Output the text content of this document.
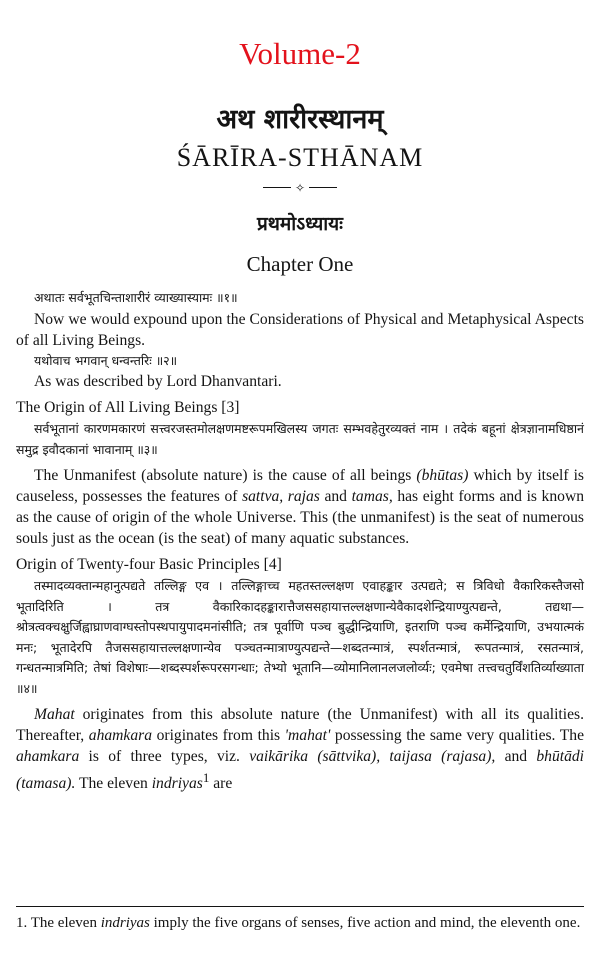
Volume-2
अथ शारीरस्थानम्
ŚĀRĪRA-STHĀNAM
✧
प्रथमोऽध्यायः
Chapter One

अथातः सर्वभूतचिन्ताशारीरं व्याख्यास्यामः ॥१॥

Now we would expound upon the Considerations of Physical and Metaphysical Aspects of all Living Beings.

यथोवाच भगवान् धन्वन्तरिः ॥२॥

As was described by Lord Dhanvantari.

The Origin of All Living Beings [3]

सर्वभूतानां कारणमकारणं सत्त्वरजस्तमोलक्षणमष्टरूपमखिलस्य जगतः सम्भवहेतुरव्यक्तं नाम । तदेकं बहूनां क्षेत्रज्ञानामधिष्ठानं समुद्र इवौदकानां भावानाम् ॥३॥

The Unmanifest (absolute nature) is the cause of all beings (bhūtas) which by itself is causeless, possesses the features of sattva, rajas and tamas, has eight forms and is known as the cause of origin of the whole Universe. This (the unmanifest) is the seat of numerous souls just as the ocean (is the seat) of many aquatic substances.

Origin of Twenty-four Basic Principles [4]

तस्मादव्यक्तान्महानुत्पद्यते तल्लिङ्ग एव । तल्लिङ्गाच्च महतस्तल्लक्षण एवाहङ्कार उत्पद्यते; स त्रिविधो वैकारिकस्तैजसो भूतादिरिति । तत्र वैकारिकादहङ्कारात्तैजससहायात्तल्लक्षणान्येवैकादशेन्द्रियाण्युत्पद्यन्ते, तद्यथा— श्रोत्रत्वक्चक्षुर्जिह्वाघ्राणवाग्घस्तोपस्थपायुपादमनांसीति; तत्र पूर्वाणि पञ्च बुद्धीन्द्रियाणि, इतराणि पञ्च कर्मेन्द्रियाणि, उभयात्मकं मनः; भूतादेरपि तैजससहायात्तल्लक्षणान्येव पञ्चतन्मात्राण्युत्पद्यन्ते—शब्दतन्मात्रं, स्पर्शतन्मात्रं, रूपतन्मात्रं, रसतन्मात्रं, गन्धतन्मात्रमिति; तेषां विशेषाः—शब्दस्पर्शरूपरसगन्धाः; तेभ्यो भूतानि—व्योमानिलानलजलोर्व्यः; एवमेषा तत्त्वचतुर्विंशतिर्व्याख्याता ॥४॥

Mahat originates from this absolute nature (the Unmanifest) with all its qualities. Thereafter, ahamkara originates from this 'mahat' possessing the same very qualities. The ahamkara is of three types, viz. vaikārika (sāttvika), taijasa (rajasa), and bhūtādi (tamasa). The eleven indriyas$^1$ are

1. The eleven indriyas imply the five organs of senses, five action and mind, the eleventh one.
